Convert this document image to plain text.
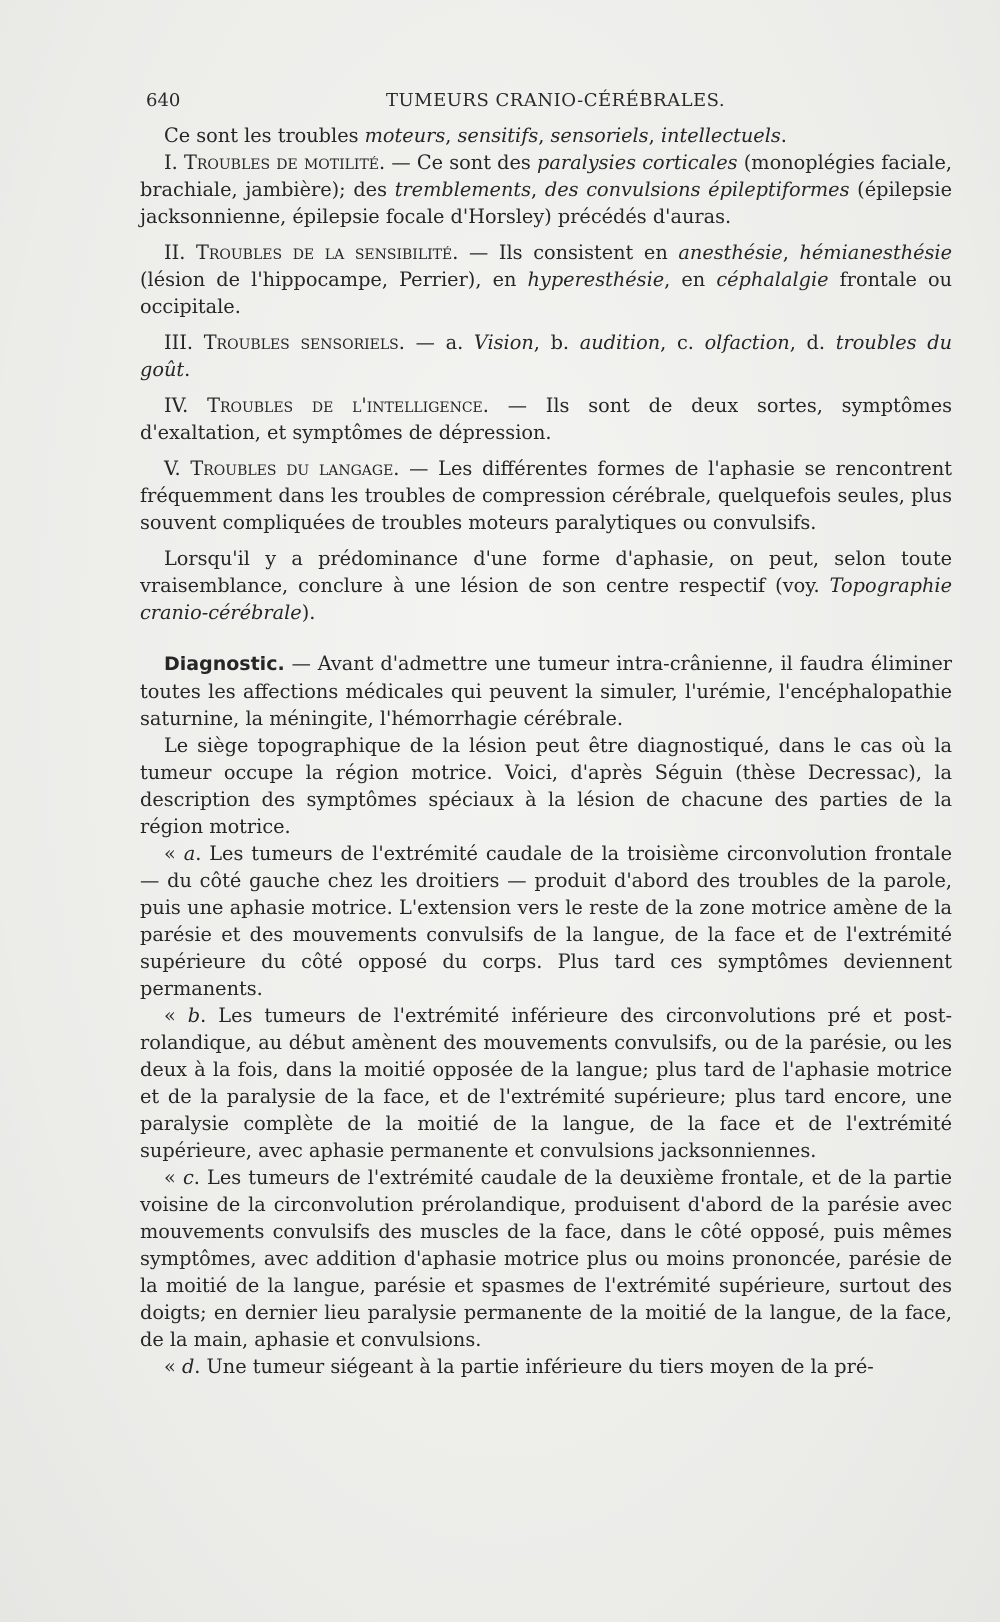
640	TUMEURS CRANIO-CÉRÉBRALES.

Ce sont les troubles moteurs, sensitifs, sensoriels, intellectuels.

I. Troubles de motilité. — Ce sont des paralysies corticales (monoplégies faciale, brachiale, jambière); des tremblements, des convulsions épileptiformes (épilepsie jacksonnienne, épilepsie focale d'Horsley) précédés d'auras.

II. Troubles de la sensibilité. — Ils consistent en anesthésie, hémianesthésie (lésion de l'hippocampe, Perrier), en hyperesthésie, en céphalalgie frontale ou occipitale.

III. Troubles sensoriels. — a. Vision, b. audition, c. olfaction, d. troubles du goût.

IV. Troubles de l'intelligence. — Ils sont de deux sortes, symptômes d'exaltation, et symptômes de dépression.

V. Troubles du langage. — Les différentes formes de l'aphasie se rencontrent fréquemment dans les troubles de compression cérébrale, quelquefois seules, plus souvent compliquées de troubles moteurs paralytiques ou convulsifs.

Lorsqu'il y a prédominance d'une forme d'aphasie, on peut, selon toute vraisemblance, conclure à une lésion de son centre respectif (voy. Topographie cranio-cérébrale).

Diagnostic. — Avant d'admettre une tumeur intra-crânienne, il faudra éliminer toutes les affections médicales qui peuvent la simuler, l'urémie, l'encéphalopathie saturnine, la méningite, l'hémorrhagie cérébrale.

Le siège topographique de la lésion peut être diagnostiqué, dans le cas où la tumeur occupe la région motrice. Voici, d'après Séguin (thèse Decressac), la description des symptômes spéciaux à la lésion de chacune des parties de la région motrice.

« a. Les tumeurs de l'extrémité caudale de la troisième circonvolution frontale — du côté gauche chez les droitiers — produit d'abord des troubles de la parole, puis une aphasie motrice. L'extension vers le reste de la zone motrice amène de la parésie et des mouvements convulsifs de la langue, de la face et de l'extrémité supérieure du côté opposé du corps. Plus tard ces symptômes deviennent permanents.

« b. Les tumeurs de l'extrémité inférieure des circonvolutions pré et post-rolandique, au début amènent des mouvements convulsifs, ou de la parésie, ou les deux à la fois, dans la moitié opposée de la langue; plus tard de l'aphasie motrice et de la paralysie de la face, et de l'extrémité supérieure; plus tard encore, une paralysie complète de la moitié de la langue, de la face et de l'extrémité supérieure, avec aphasie permanente et convulsions jacksonniennes.

« c. Les tumeurs de l'extrémité caudale de la deuxième frontale, et de la partie voisine de la circonvolution prérolandique, produisent d'abord de la parésie avec mouvements convulsifs des muscles de la face, dans le côté opposé, puis mêmes symptômes, avec addition d'aphasie motrice plus ou moins prononcée, parésie de la moitié de la langue, parésie et spasmes de l'extrémité supérieure, surtout des doigts; en dernier lieu paralysie permanente de la moitié de la langue, de la face, de la main, aphasie et convulsions.

« d. Une tumeur siégeant à la partie inférieure du tiers moyen de la pré-
